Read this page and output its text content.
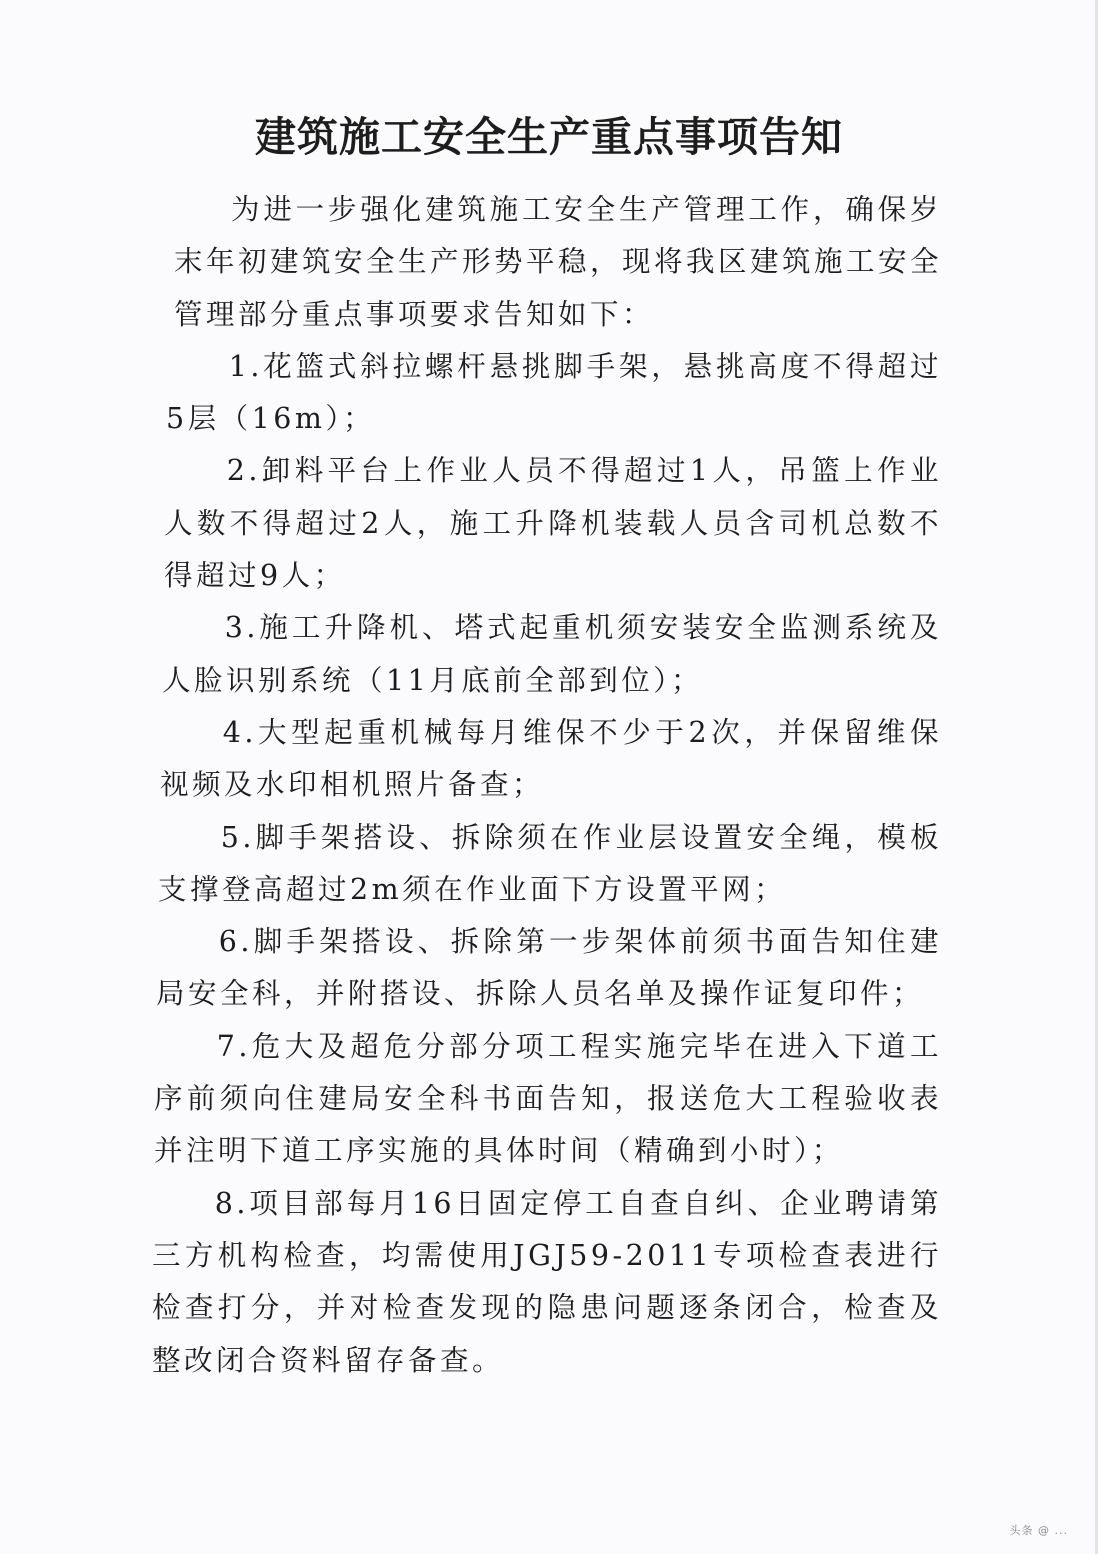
建筑施工安全生产重点事项告知

为进一步强化建筑施工安全生产管理工作，确保岁末年初建筑安全生产形势平稳，现将我区建筑施工安全管理部分重点事项要求告知如下：

1.花篮式斜拉螺杆悬挑脚手架，悬挑高度不得超过5层（16m）；

2.卸料平台上作业人员不得超过1人，吊篮上作业人数不得超过2人，施工升降机装载人员含司机总数不得超过9人；

3.施工升降机、塔式起重机须安装安全监测系统及人脸识别系统（11月底前全部到位）；

4.大型起重机械每月维保不少于2次，并保留维保视频及水印相机照片备查；

5.脚手架搭设、拆除须在作业层设置安全绳，模板支撑登高超过2m须在作业面下方设置平网；

6.脚手架搭设、拆除第一步架体前须书面告知住建局安全科，并附搭设、拆除人员名单及操作证复印件；

7.危大及超危分部分项工程实施完毕在进入下道工序前须向住建局安全科书面告知，报送危大工程验收表并注明下道工序实施的具体时间（精确到小时）；

8.项目部每月16日固定停工自查自纠、企业聘请第三方机构检查，均需使用JGJ59-2011专项检查表进行检查打分，并对检查发现的隐患问题逐条闭合，检查及整改闭合资料留存备查。

头条 @ ...
